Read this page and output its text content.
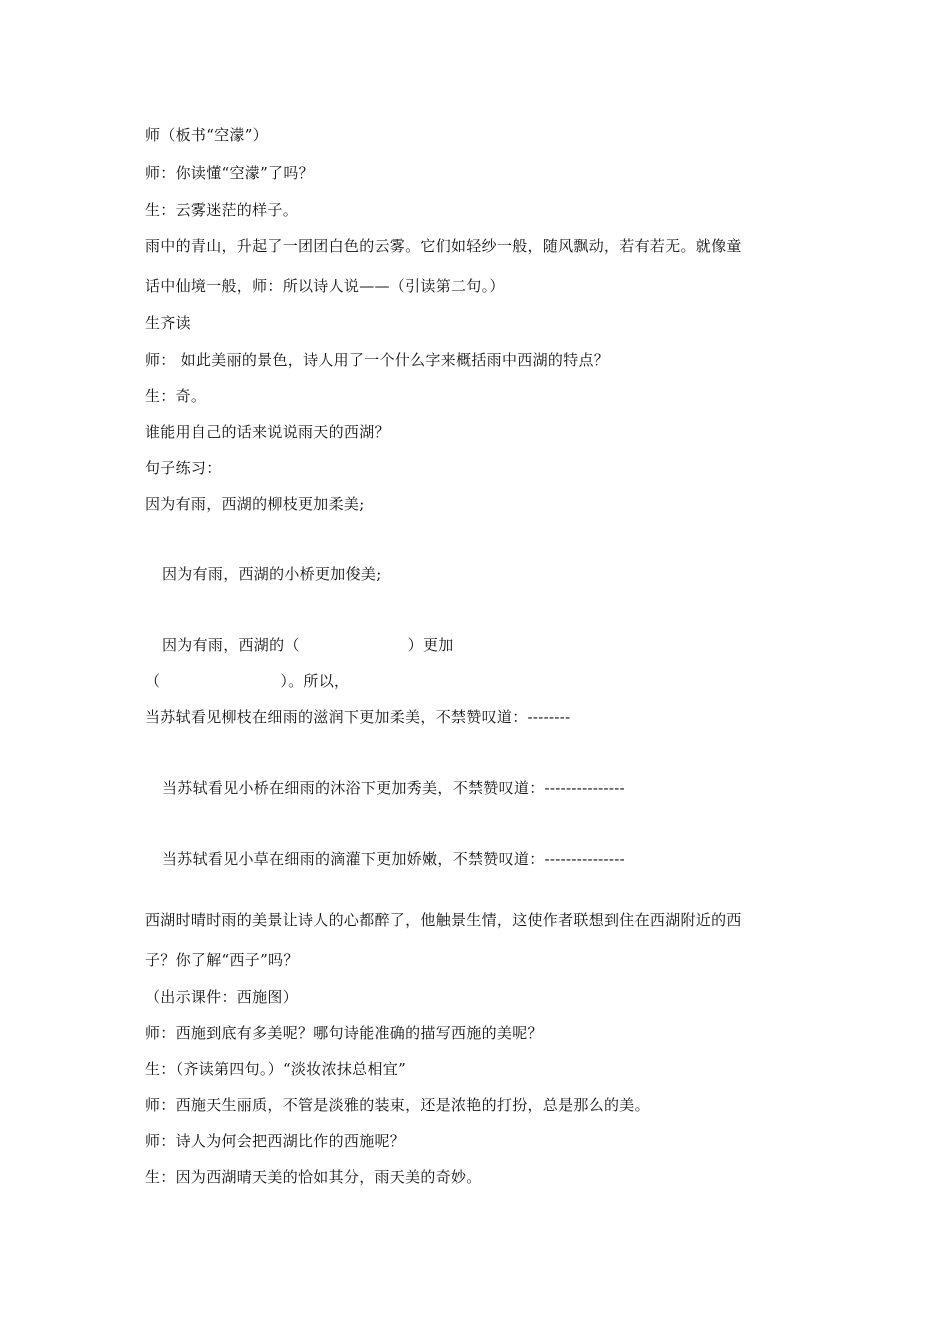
师（板书“空濛”）
师：你读懂“空濛”了吗？
生：云雾迷茫的样子。
雨中的青山，升起了一团团白色的云雾。它们如轻纱一般，随风飘动，若有若无。就像童
话中仙境一般，师：所以诗人说——（引读第二句。）
生齐读
师： 如此美丽的景色，诗人用了一个什么字来概括雨中西湖的特点？
生：奇。
谁能用自己的话来说说雨天的西湖？
句子练习：
因为有雨，西湖的柳枝更加柔美;
因为有雨，西湖的小桥更加俊美;
因为有雨，西湖的（	）更加
（	）。所以，
当苏轼看见柳枝在细雨的滋润下更加柔美，不禁赞叹道：--------
当苏轼看见小桥在细雨的沐浴下更加秀美，不禁赞叹道：---------------
当苏轼看见小草在细雨的滴灌下更加娇嫩，不禁赞叹道：---------------
西湖时晴时雨的美景让诗人的心都醉了，他触景生情，这使作者联想到住在西湖附近的西
子？你了解“西子”吗？
（出示课件：西施图）
师：西施到底有多美呢？哪句诗能准确的描写西施的美呢？
生：（齐读第四句。）“淡妆浓抹总相宜”
师：西施天生丽质，不管是淡雅的装束，还是浓艳的打扮，总是那么的美。
师：诗人为何会把西湖比作的西施呢？
生：因为西湖晴天美的恰如其分，雨天美的奇妙。
